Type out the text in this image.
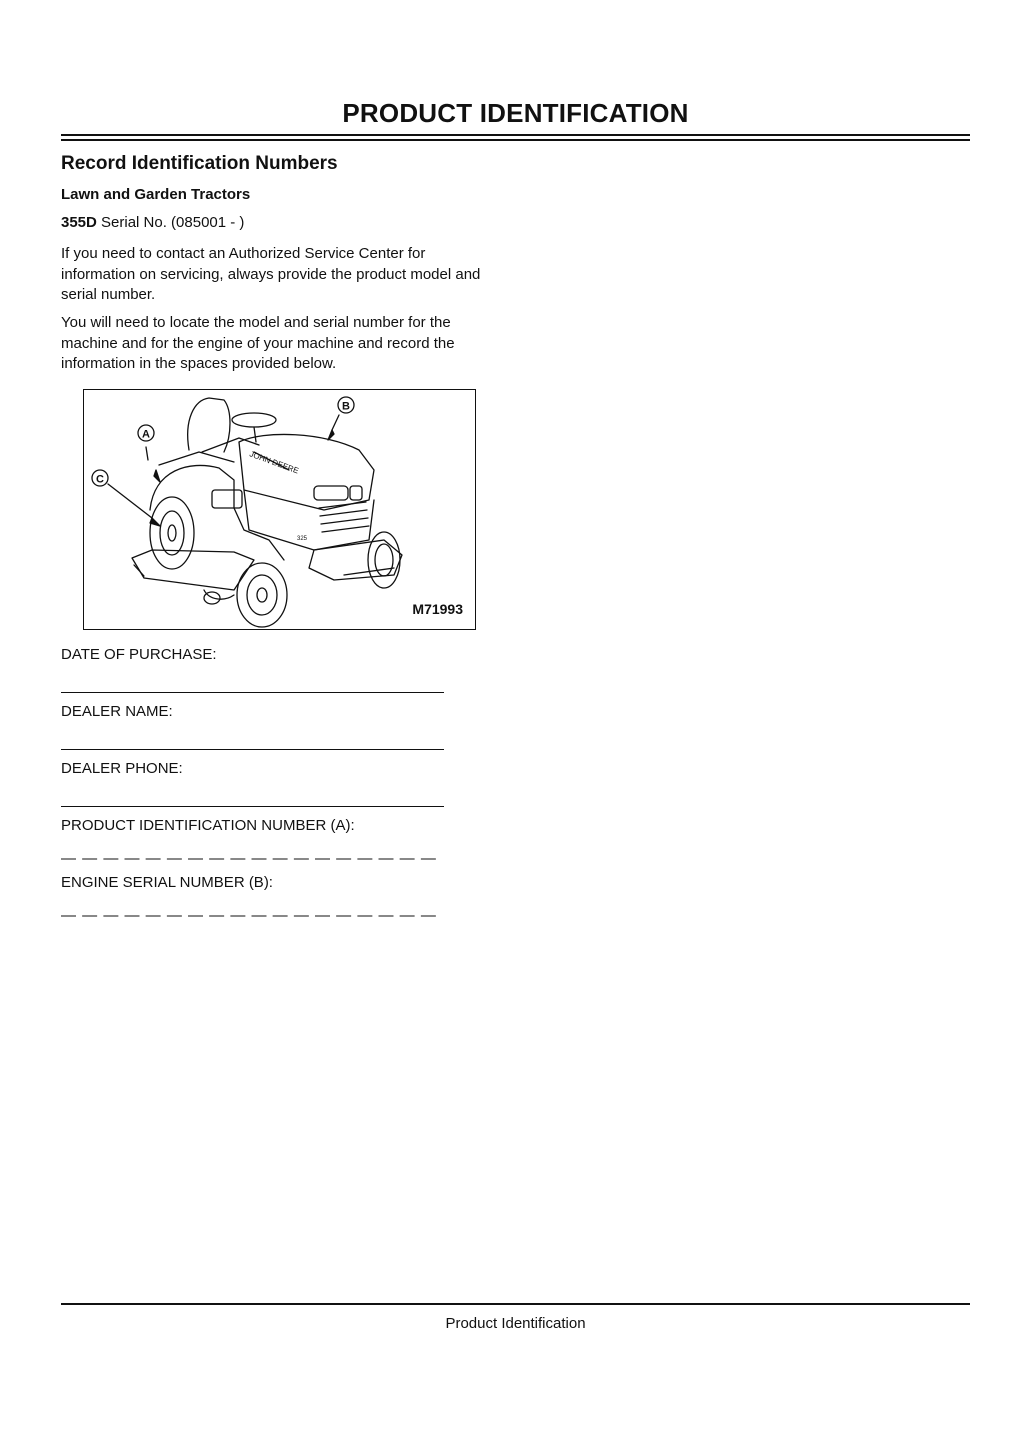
PRODUCT IDENTIFICATION
Record Identification Numbers
Lawn and Garden Tractors
355D Serial No. (085001 - )

If you need to contact an Authorized Service Center for information on servicing, always provide the product model and serial number.

You will need to locate the model and serial number for the machine and for the engine of your machine and record the information in the spaces provided below.

JOHN DEERE
325
B
A
C
M71993
DATE OF PURCHASE:
DEALER NAME:
DEALER PHONE:
PRODUCT IDENTIFICATION NUMBER (A):
— — — — — — — — — — — — — — — — — —
ENGINE SERIAL NUMBER (B):
— — — — — — — — — — — — — — — — — —
Product Identification
